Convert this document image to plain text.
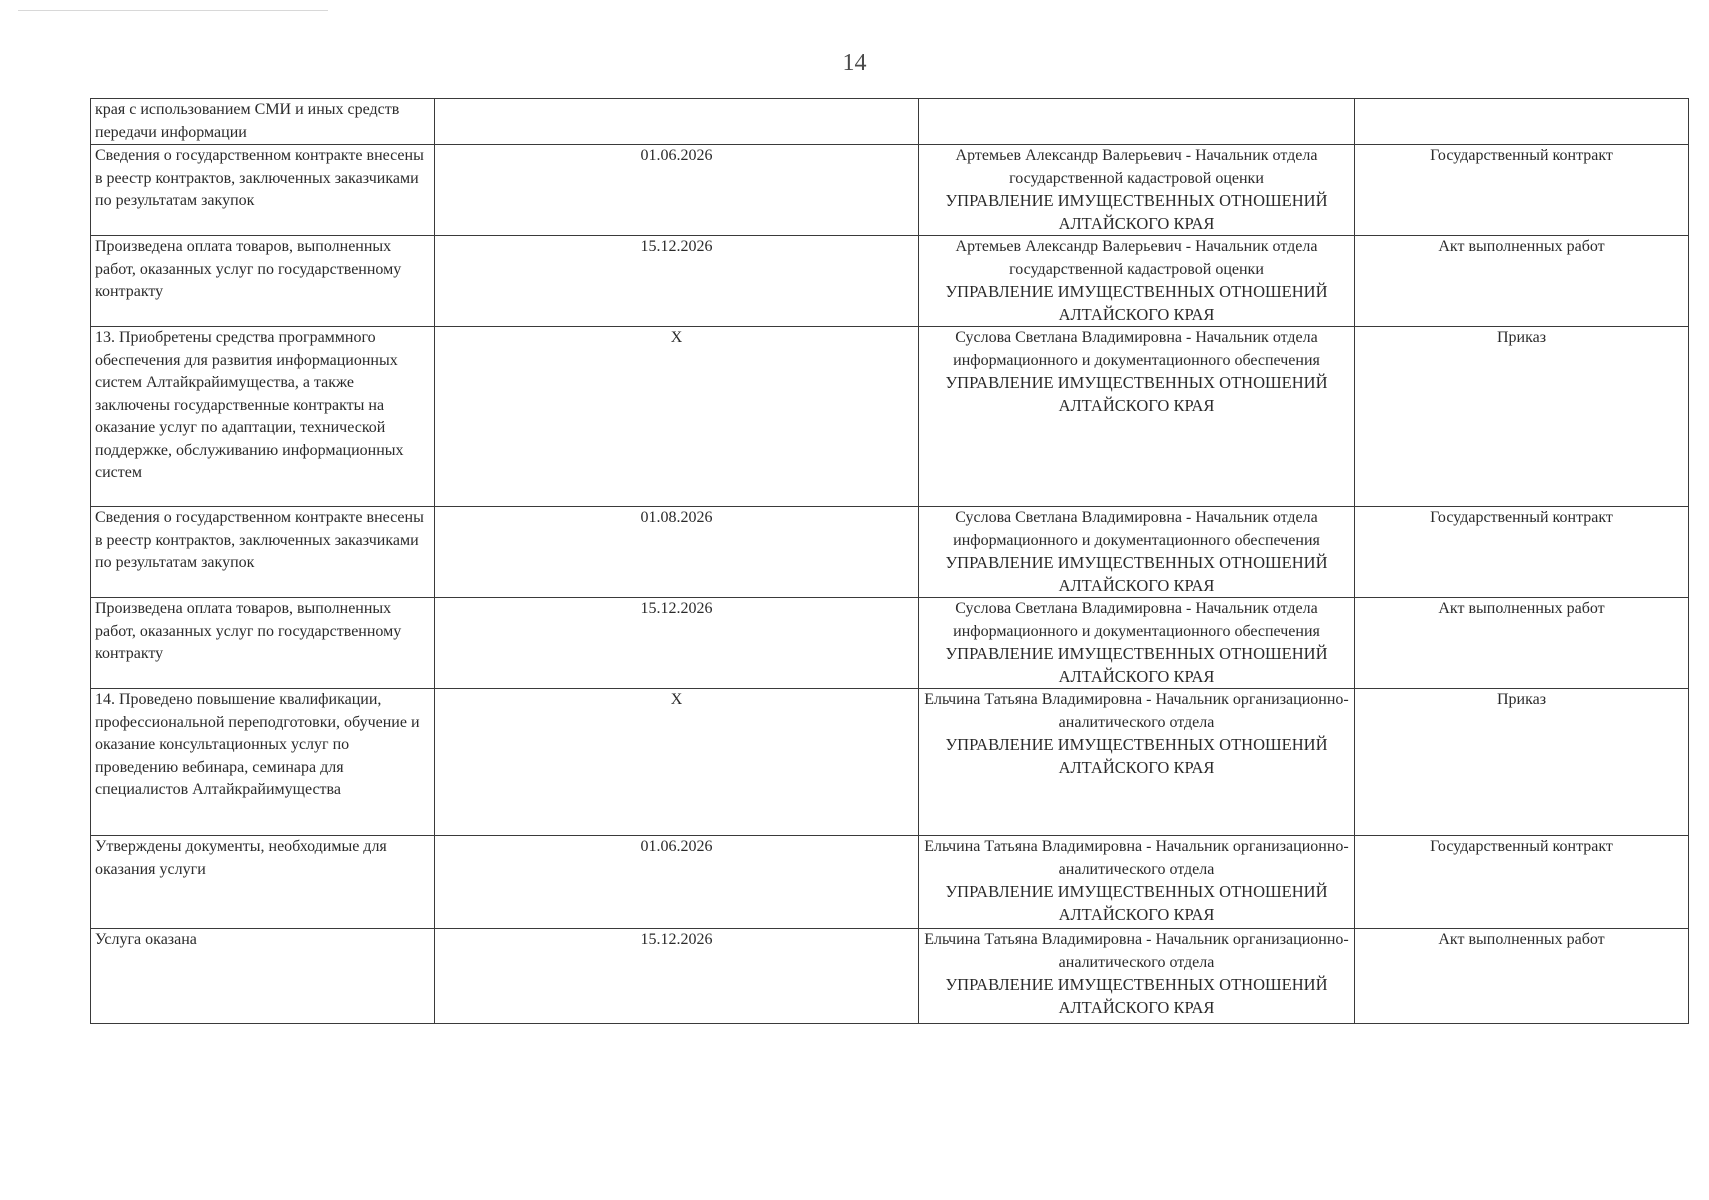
14
края с использованием СМИ и иных средств передачи информации		

Сведения о государственном контракте внесены в реестр контрактов, заключенных заказчиками по результатам закупок	01.06.2026	Артемьев Александр Валерьевич - Начальник отдела государственной кадастровой оценки
УПРАВЛЕНИЕ ИМУЩЕСТВЕННЫХ ОТНОШЕНИЙ АЛТАЙСКОГО КРАЯ	Государственный контракт
Произведена оплата товаров, выполненных работ, оказанных услуг по государственному контракту	15.12.2026	Артемьев Александр Валерьевич - Начальник отдела государственной кадастровой оценки
УПРАВЛЕНИЕ ИМУЩЕСТВЕННЫХ ОТНОШЕНИЙ АЛТАЙСКОГО КРАЯ	Акт выполненных работ
13. Приобретены средства программного обеспечения для развития информационных систем Алтайкрайимущества, а также заключены государственные контракты на оказание услуг по адаптации, технической поддержке, обслуживанию информационных систем	X	Суслова Светлана Владимировна - Начальник отдела информационного и документационного обеспечения
УПРАВЛЕНИЕ ИМУЩЕСТВЕННЫХ ОТНОШЕНИЙ АЛТАЙСКОГО КРАЯ	Приказ
Сведения о государственном контракте внесены в реестр контрактов, заключенных заказчиками по результатам закупок	01.08.2026	Суслова Светлана Владимировна - Начальник отдела информационного и документационного обеспечения
УПРАВЛЕНИЕ ИМУЩЕСТВЕННЫХ ОТНОШЕНИЙ АЛТАЙСКОГО КРАЯ	Государственный контракт
Произведена оплата товаров, выполненных работ, оказанных услуг по государственному контракту	15.12.2026	Суслова Светлана Владимировна - Начальник отдела информационного и документационного обеспечения
УПРАВЛЕНИЕ ИМУЩЕСТВЕННЫХ ОТНОШЕНИЙ АЛТАЙСКОГО КРАЯ	Акт выполненных работ
14. Проведено повышение квалификации, профессиональной переподготовки, обучение и оказание консультационных услуг по проведению вебинара, семинара для специалистов Алтайкрайимущества	X	Ельчина Татьяна Владимировна - Начальник организационно-аналитического отдела
УПРАВЛЕНИЕ ИМУЩЕСТВЕННЫХ ОТНОШЕНИЙ АЛТАЙСКОГО КРАЯ	Приказ
Утверждены документы, необходимые для оказания услуги	01.06.2026	Ельчина Татьяна Владимировна - Начальник организационно-аналитического отдела
УПРАВЛЕНИЕ ИМУЩЕСТВЕННЫХ ОТНОШЕНИЙ АЛТАЙСКОГО КРАЯ	Государственный контракт
Услуга оказана	15.12.2026	Ельчина Татьяна Владимировна - Начальник организационно-аналитического отдела
УПРАВЛЕНИЕ ИМУЩЕСТВЕННЫХ ОТНОШЕНИЙ АЛТАЙСКОГО КРАЯ	Акт выполненных работ
